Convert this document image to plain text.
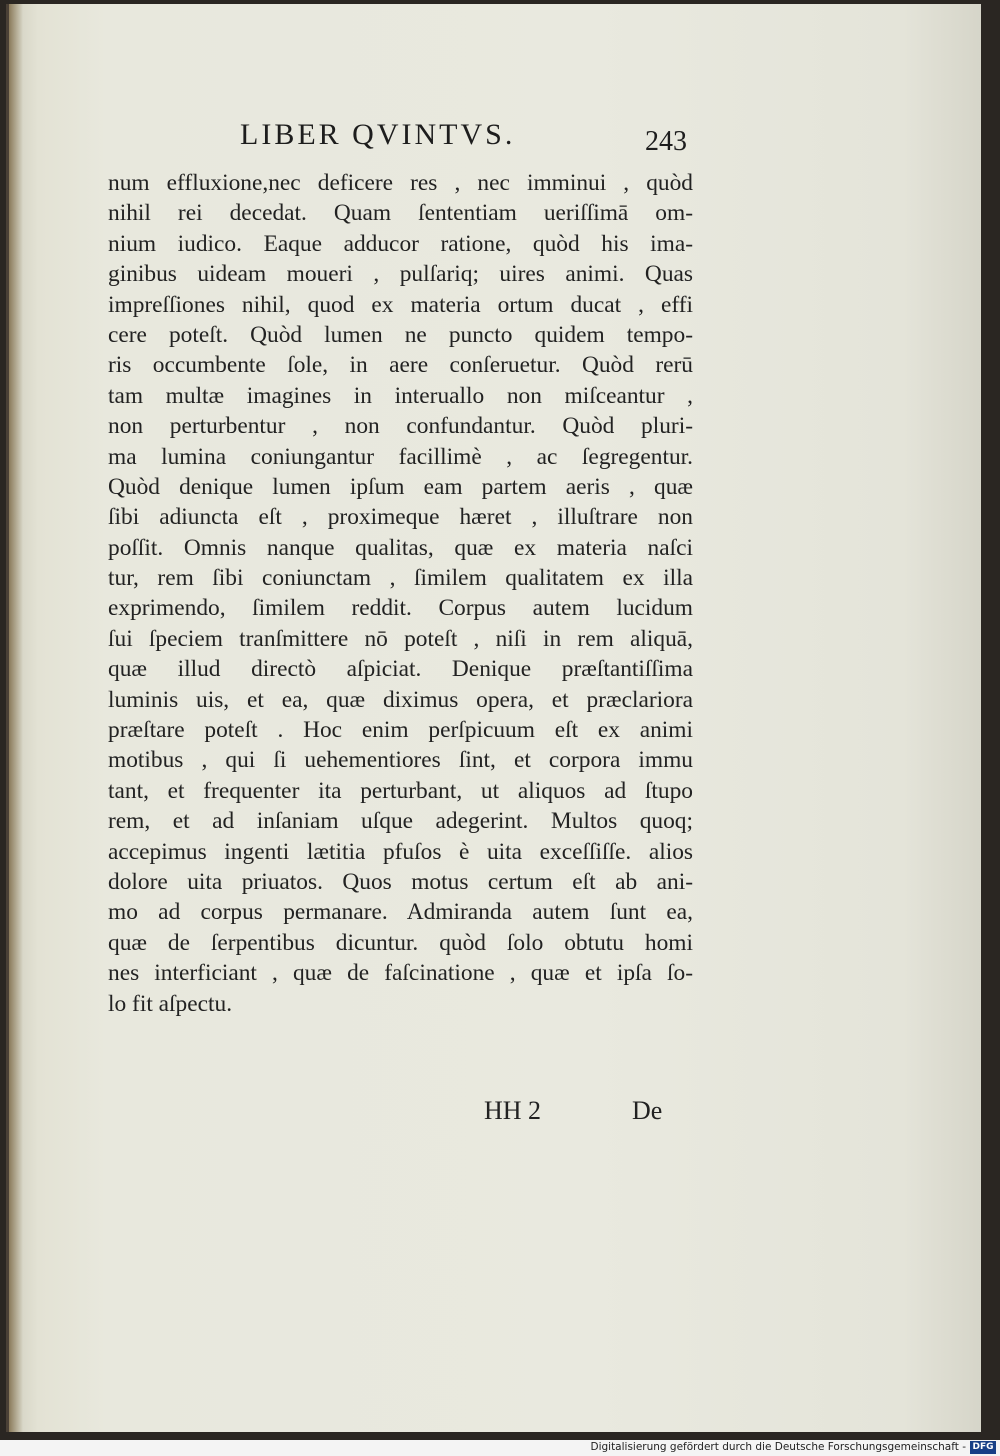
LIBER QVINTVS.	243
num effluxione,nec deficere res , nec imminui , quòd
nihil rei decedat. Quam ſententiam ueriſſimā om-
nium iudico. Eaque adducor ratione, quòd his ima-
ginibus uideam moueri , pulſariq; uires animi. Quas
impreſſiones nihil, quod ex materia ortum ducat , effi
cere poteſt. Quòd lumen ne puncto quidem tempo-
ris occumbente ſole, in aere conſeruetur. Quòd rerū
tam multæ imagines in interuallo non miſceantur ,
non perturbentur , non confundantur. Quòd pluri-
ma lumina coniungantur facillimè , ac ſegregentur.
Quòd denique lumen ipſum eam partem aeris , quæ
ſibi adiuncta eſt , proximeque hæret , illuſtrare non
poſſit. Omnis nanque qualitas, quæ ex materia naſci
tur, rem ſibi coniunctam , ſimilem qualitatem ex illa
exprimendo, ſimilem reddit. Corpus autem lucidum
ſui ſpeciem tranſmittere nō poteſt , niſi in rem aliquā,
quæ illud directò aſpiciat. Denique præſtantiſſima
luminis uis, et ea, quæ diximus opera, et præclariora
præſtare poteſt . Hoc enim perſpicuum eſt ex animi
motibus , qui ſi uehementiores ſint, et corpora immu
tant, et frequenter ita perturbant, ut aliquos ad ſtupo
rem, et ad inſaniam uſque adegerint. Multos quoq;
accepimus ingenti lætitia pfuſos è uita exceſſiſſe. alios
dolore uita priuatos. Quos motus certum eſt ab ani-
mo ad corpus permanare. Admiranda autem ſunt ea,
quæ de ſerpentibus dicuntur. quòd ſolo obtutu homi
nes interficiant , quæ de faſcinatione , quæ et ipſa ſo-
lo fit aſpectu.
HH 2	De
Digitalisierung gefördert durch die Deutsche Forschungsgemeinschaft - DFG
